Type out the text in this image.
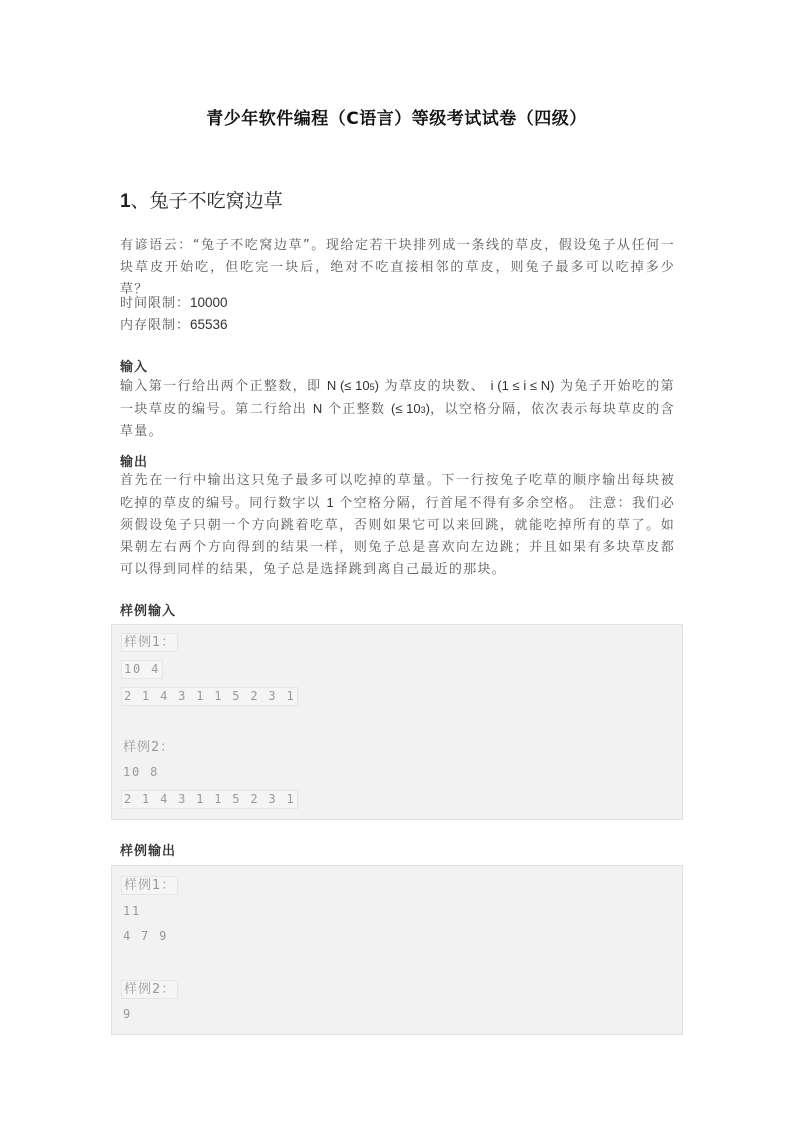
青少年软件编程（C语言）等级考试试卷（四级）
1、兔子不吃窝边草
有谚语云：“兔子不吃窝边草”。现给定若干块排列成一条线的草皮，假设兔子从任何一块草皮开始吃，但吃完一块后，绝对不吃直接相邻的草皮，则兔子最多可以吃掉多少草？
时间限制：10000
内存限制：65536
输入
输入第一行给出两个正整数，即 N (≤ 105) 为草皮的块数、 i (1 ≤ i ≤ N) 为兔子开始吃的第一块草皮的编号。第二行给出 N 个正整数 (≤ 103)，以空格分隔，依次表示每块草皮的含草量。
输出
首先在一行中输出这只兔子最多可以吃掉的草量。下一行按兔子吃草的顺序输出每块被吃掉的草皮的编号。同行数字以 1 个空格分隔，行首尾不得有多余空格。 注意：我们必须假设兔子只朝一个方向跳着吃草，否则如果它可以来回跳，就能吃掉所有的草了。如果朝左右两个方向得到的结果一样，则兔子总是喜欢向左边跳；并且如果有多块草皮都可以得到同样的结果，兔子总是选择跳到离自己最近的那块。
样例输入
样例1：
10 4
2 1 4 3 1 1 5 2 3 1
样例2：
10 8
2 1 4 3 1 1 5 2 3 1
样例输出
样例1：
11
4 7 9
样例2：
9
